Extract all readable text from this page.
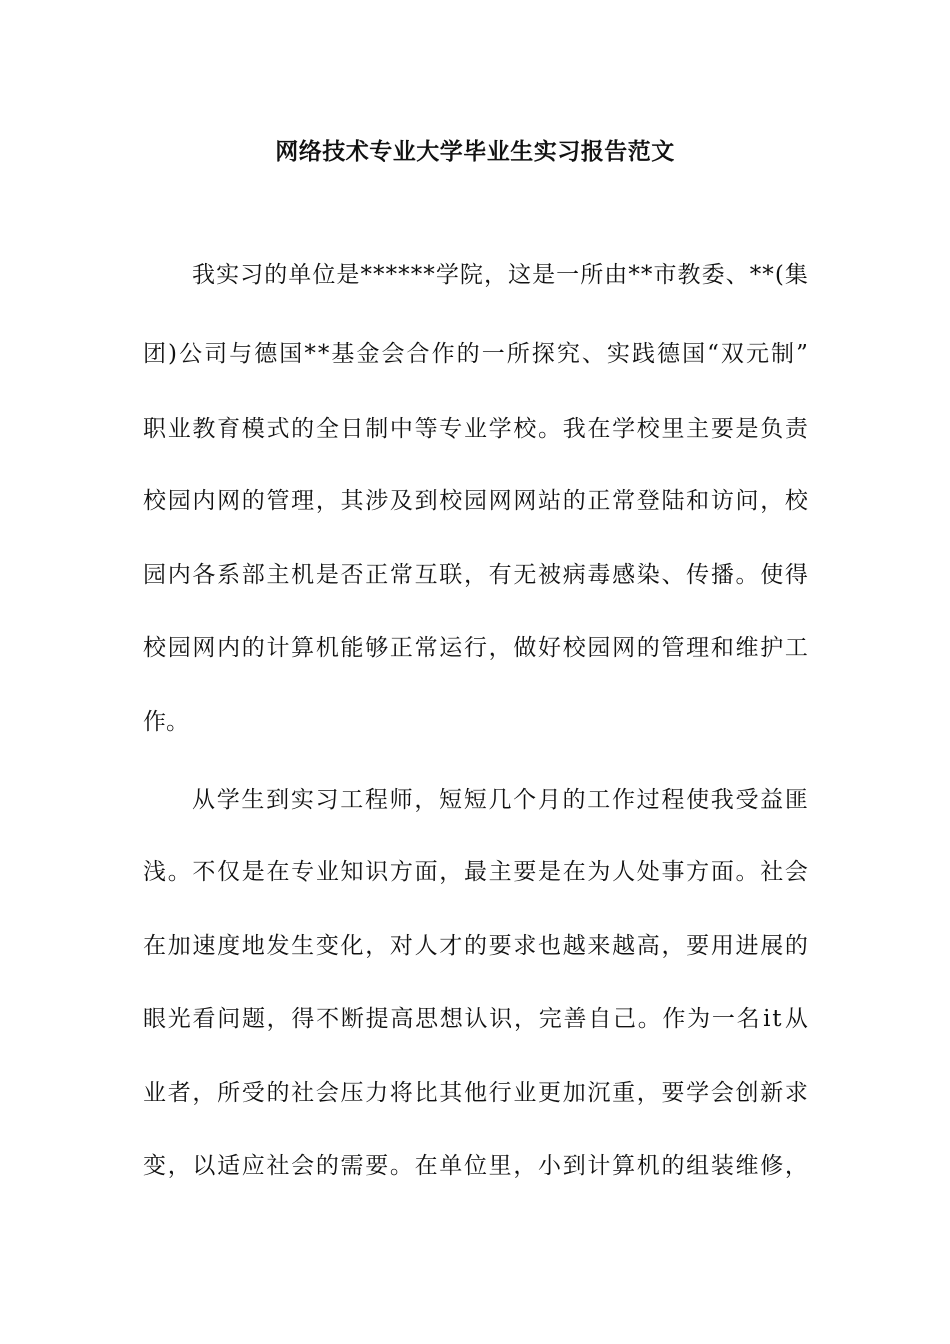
网络技术专业大学毕业生实习报告范文
我 实 习 的 单 位 是 * * * * * * 学 院 ， 这 是 一 所 由 * * 市 教 委 、 * * ( 集
团 ) 公 司 与 德 国 * * 基 金 会 合 作 的 一 所 探 究 、 实 践 德 国 “ 双 元 制 ”
职 业 教 育 模 式 的 全 日 制 中 等 专 业 学 校 。 我 在 学 校 里 主 要 是 负 责
校 园 内 网 的 管 理 ， 其 涉 及 到 校 园 网 网 站 的 正 常 登 陆 和 访 问 ， 校
园 内 各 系 部 主 机 是 否 正 常 互 联 ， 有 无 被 病 毒 感 染 、 传 播 。 使 得
校 园 网 内 的 计 算 机 能 够 正 常 运 行 ， 做 好 校 园 网 的 管 理 和 维 护 工
作。
从 学 生 到 实 习 工 程 师 ， 短 短 几 个 月 的 工 作 过 程 使 我 受 益 匪
浅 。 不 仅 是 在 专 业 知 识 方 面 ， 最 主 要 是 在 为 人 处 事 方 面 。 社 会
在 加 速 度 地 发 生 变 化 ， 对 人 才 的 要 求 也 越 来 越 高 ， 要 用 进 展 的
眼 光 看 问 题 ， 得 不 断 提 高 思 想 认 识 ， 完 善 自 己 。 作 为 一 名 i t 从
业 者 ， 所 受 的 社 会 压 力 将 比 其 他 行 业 更 加 沉 重 ， 要 学 会 创 新 求
变 ， 以 适 应 社 会 的 需 要 。 在 单 位 里 ， 小 到 计 算 机 的 组 装 维 修 ，
